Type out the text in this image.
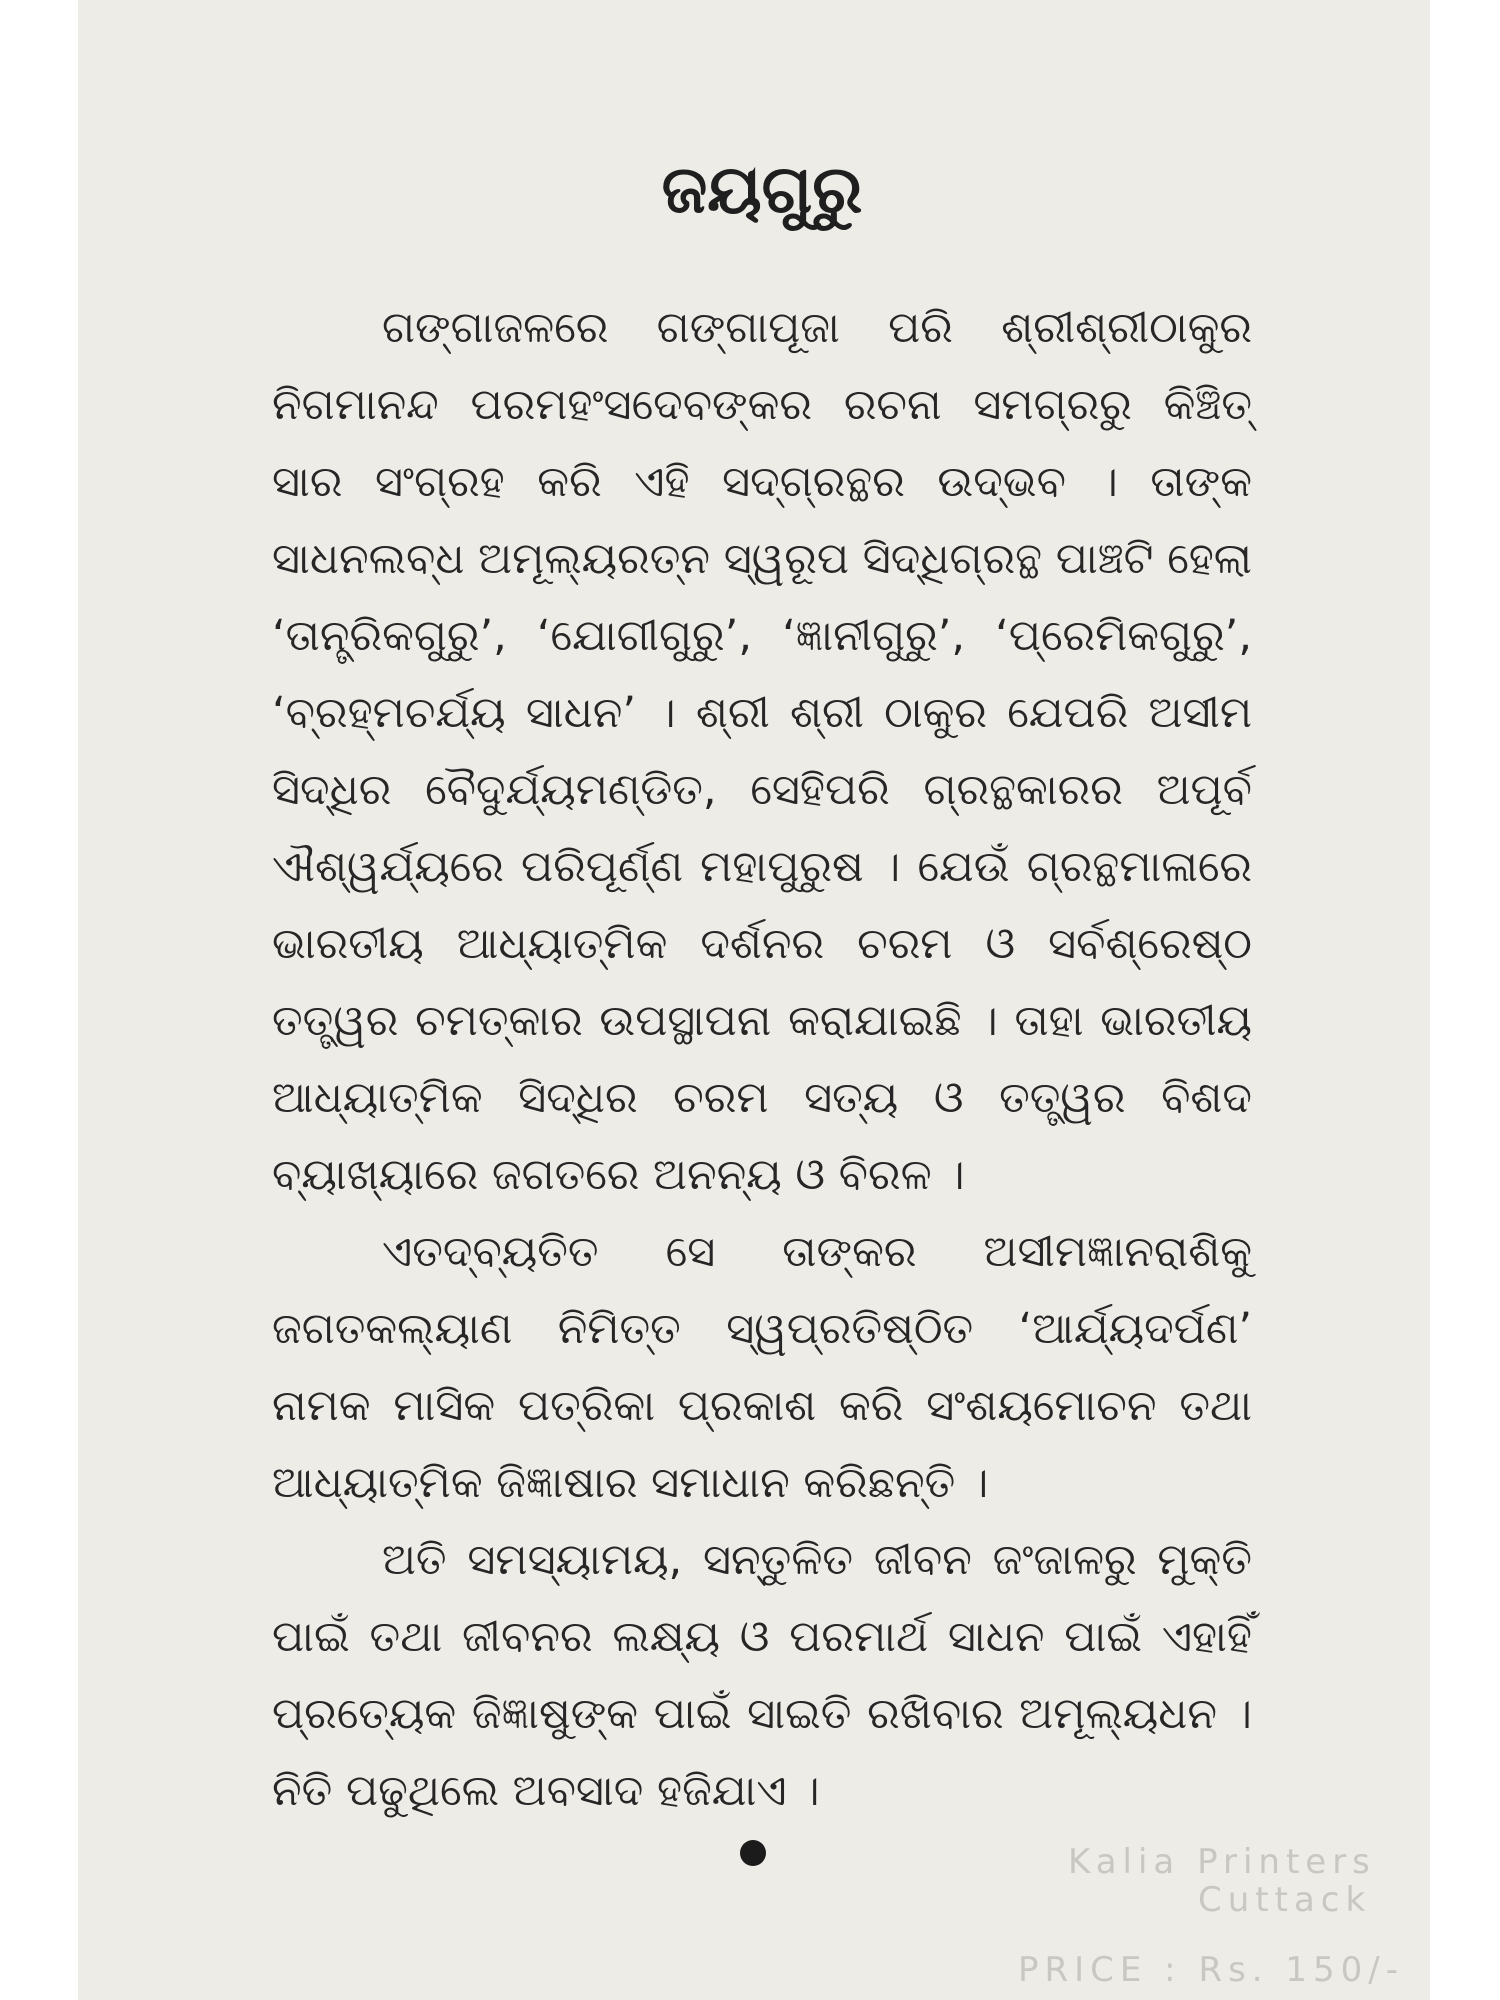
Kalia Printers
Cuttack
PRICE : Rs. 150/-
ଜୟଗୁରୁ

ଗଙ୍ଗାଜଳରେ ଗଙ୍ଗାପୂଜା ପରି ଶ୍ରୀଶ୍ରୀଠାକୁର ନିଗମାନନ୍ଦ ପରମହଂସଦେବଙ୍କର ରଚନା ସମଗ୍ରରୁ କିଞ୍ଚିତ୍ ସାର ସଂଗ୍ରହ କରି ଏହି ସଦ୍‌ଗ୍ରନ୍ଥର ଉଦ୍ଭବ । ତାଙ୍କ ସାଧନଲବ୍ଧ ଅମୂଲ୍ୟରତ୍ନ ସ୍ୱରୂପ ସିଦ୍ଧିଗ୍ରନ୍ଥ ପାଞ୍ଚଟି ହେଲା ‘ତାନ୍ତ୍ରିକଗୁରୁ’, ‘ଯୋଗୀଗୁରୁ’, ‘ଜ୍ଞାନୀଗୁରୁ’, ‘ପ୍ରେମିକଗୁରୁ’, ‘ବ୍ରହ୍ମଚର୍ଯ୍ୟ ସାଧନ’ । ଶ୍ରୀ ଶ୍ରୀ ଠାକୁର ଯେପରି ଅସୀମ ସିଦ୍ଧିର ବୈଦୁର୍ଯ୍ୟମଣ୍ଡିତ, ସେହିପରି ଗ୍ରନ୍ଥକାରର ଅପୂର୍ବ ଐଶ୍ୱର୍ଯ୍ୟରେ ପରିପୂର୍ଣ୍ଣ ମହାପୁରୁଷ । ଯେଉଁ ଗ୍ରନ୍ଥମାଳାରେ ଭାରତୀୟ ଆଧ୍ୟାତ୍ମିକ ଦର୍ଶନର ଚରମ ଓ ସର୍ବଶ୍ରେଷ୍ଠ ତତ୍ତ୍ୱର ଚମତ୍କାର ଉପସ୍ଥାପନା କରାଯାଇଛି । ତାହା ଭାରତୀୟ ଆଧ୍ୟାତ୍ମିକ ସିଦ୍ଧିର ଚରମ ସତ୍ୟ ଓ ତତ୍ତ୍ୱର ବିଶଦ ବ୍ୟାଖ୍ୟାରେ ଜଗତରେ ଅନନ୍ୟ ଓ ବିରଳ ।

ଏତଦ୍‌ବ୍ୟତିତ ସେ ତାଙ୍କର ଅସୀମଜ୍ଞାନରାଶିକୁ ଜଗତକଲ୍ୟାଣ ନିମିତ୍ତ ସ୍ୱପ୍ରତିଷ୍ଠିତ ‘ଆର୍ଯ୍ୟଦର୍ପଣ’ ନାମକ ମାସିକ ପତ୍ରିକା ପ୍ରକାଶ କରି ସଂଶୟମୋଚନ ତଥା ଆଧ୍ୟାତ୍ମିକ ଜିଜ୍ଞାଷାର ସମାଧାନ କରିଛନ୍ତି ।

ଅତି ସମସ୍ୟାମୟ, ସନ୍ତୁଳିତ ଜୀବନ ଜଂଜାଳରୁ ମୁକ୍ତି ପାଇଁ ତଥା ଜୀବନର ଲକ୍ଷ୍ୟ ଓ ପରମାର୍ଥ ସାଧନ ପାଇଁ ଏହାହିଁ ପ୍ରତ୍ୟେକ ଜିଜ୍ଞାଷୁଙ୍କ ପାଇଁ ସାଇତି ରଖିବାର ଅମୂଲ୍ୟଧନ । ନିତି ପଢୁଥିଲେ ଅବସାଦ ହଜିଯାଏ ।
